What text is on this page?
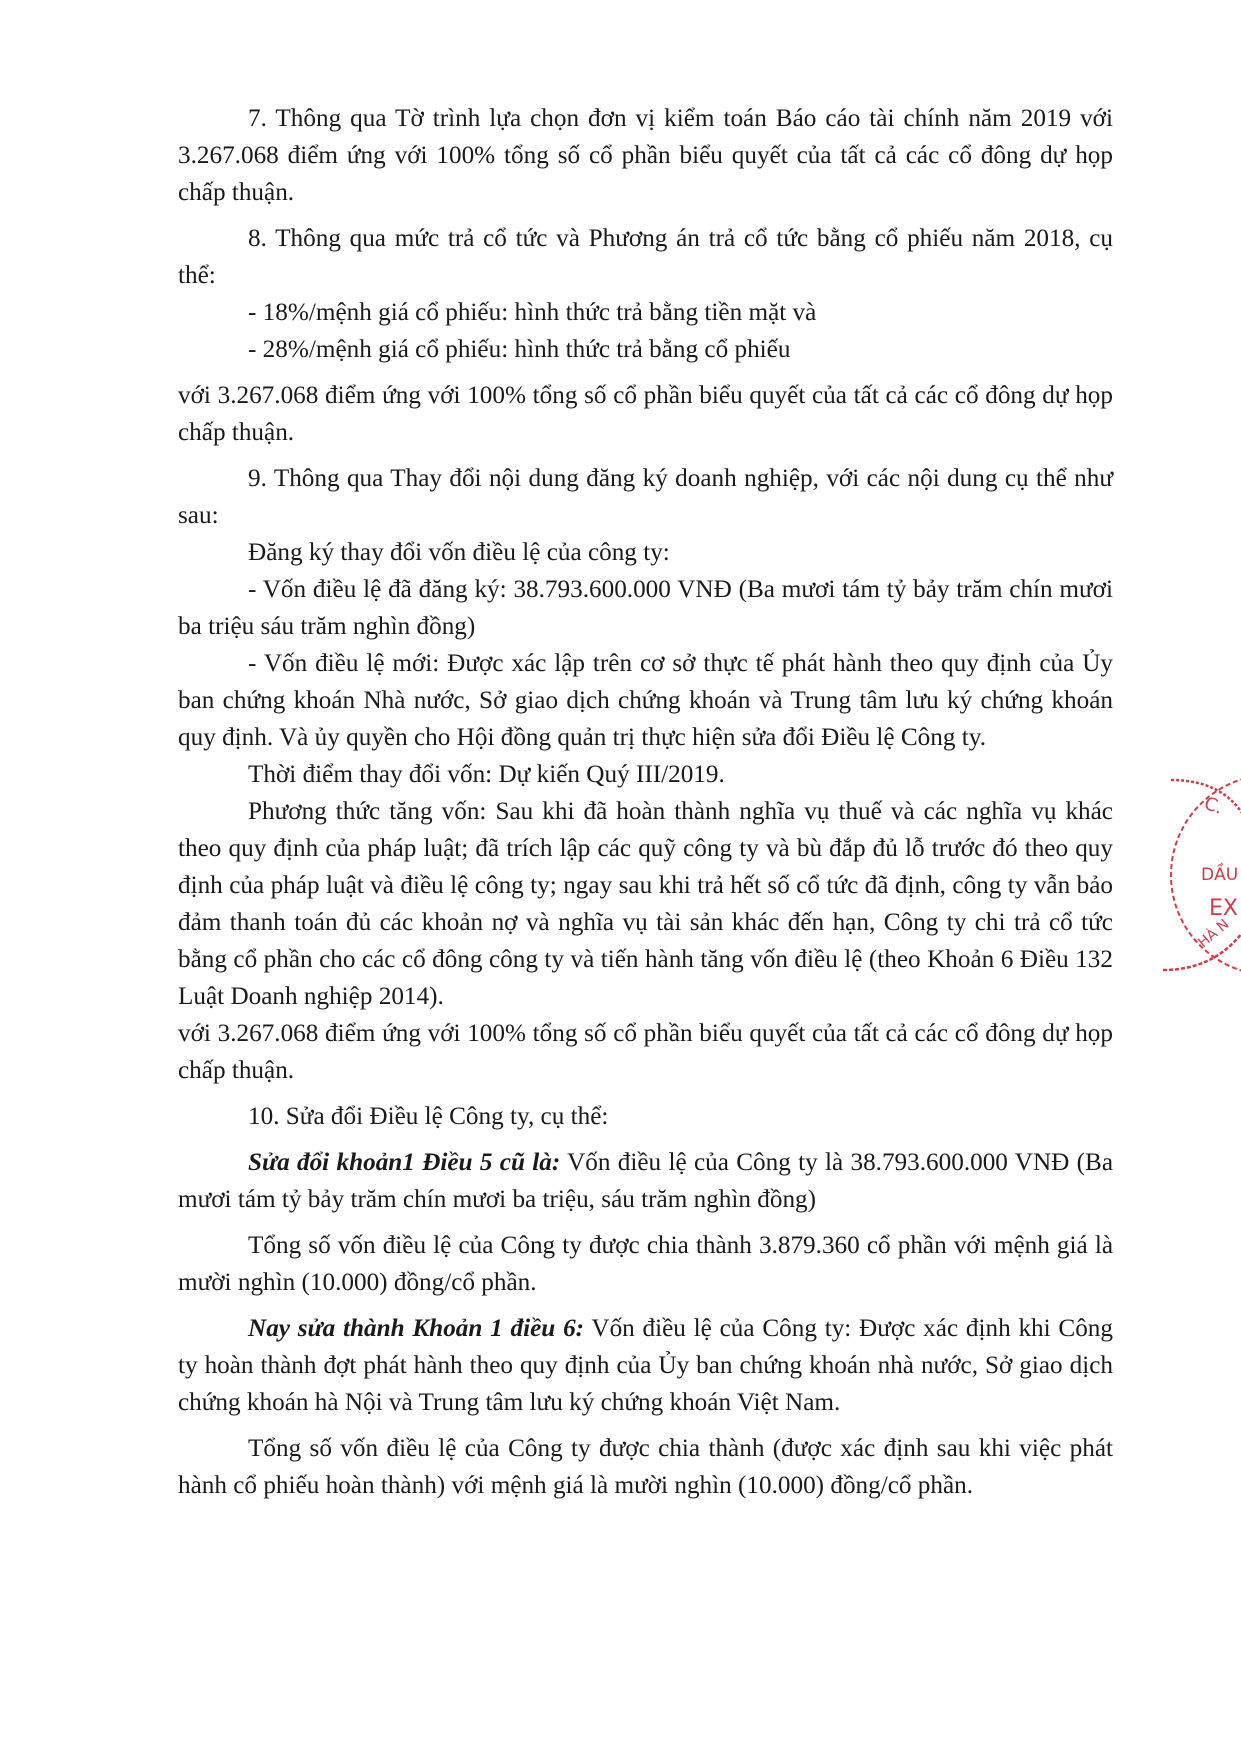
7. Thông qua Tờ trình lựa chọn đơn vị kiểm toán Báo cáo tài chính năm 2019 với 3.267.068 điểm ứng với 100% tổng số cổ phần biểu quyết của tất cả các cổ đông dự họp chấp thuận.

8. Thông qua mức trả cổ tức và Phương án trả cổ tức bằng cổ phiếu năm 2018, cụ thể:

- 18%/mệnh giá cổ phiếu: hình thức trả bằng tiền mặt và

- 28%/mệnh giá cổ phiếu: hình thức trả bằng cổ phiếu

với 3.267.068 điểm ứng với 100% tổng số cổ phần biểu quyết của tất cả các cổ đông dự họp chấp thuận.

9. Thông qua Thay đổi nội dung đăng ký doanh nghiệp, với các nội dung cụ thể như sau:

Đăng ký thay đổi vốn điều lệ của công ty:

- Vốn điều lệ đã đăng ký: 38.793.600.000 VNĐ (Ba mươi tám tỷ bảy trăm chín mươi ba triệu sáu trăm nghìn đồng)

- Vốn điều lệ mới: Được xác lập trên cơ sở thực tế phát hành theo quy định của Ủy ban chứng khoán Nhà nước, Sở giao dịch chứng khoán và Trung tâm lưu ký chứng khoán quy định. Và ủy quyền cho Hội đồng quản trị thực hiện sửa đổi Điều lệ Công ty.

Thời điểm thay đổi vốn: Dự kiến Quý III/2019.

Phương thức tăng vốn: Sau khi đã hoàn thành nghĩa vụ thuế và các nghĩa vụ khác theo quy định của pháp luật; đã trích lập các quỹ công ty và bù đắp đủ lỗ trước đó theo quy định của pháp luật và điều lệ công ty; ngay sau khi trả hết số cổ tức đã định, công ty vẫn bảo đảm thanh toán đủ các khoản nợ và nghĩa vụ tài sản khác đến hạn, Công ty chi trả cổ tức bằng cổ phần cho các cổ đông công ty và tiến hành tăng vốn điều lệ (theo Khoản 6 Điều 132 Luật Doanh nghiệp 2014).

với 3.267.068 điểm ứng với 100% tổng số cổ phần biểu quyết của tất cả các cổ đông dự họp chấp thuận.

10. Sửa đổi Điều lệ Công ty, cụ thể:

Sửa đổi khoản1 Điều 5 cũ là: Vốn điều lệ của Công ty là 38.793.600.000 VNĐ (Ba mươi tám tỷ bảy trăm chín mươi ba triệu, sáu trăm nghìn đồng)

Tổng số vốn điều lệ của Công ty được chia thành 3.879.360 cổ phần với mệnh giá là mười nghìn (10.000) đồng/cổ phần.

Nay sửa thành Khoản 1 điều 6: Vốn điều lệ của Công ty: Được xác định khi Công ty hoàn thành đợt phát hành theo quy định của Ủy ban chứng khoán nhà nước, Sở giao dịch chứng khoán hà Nội và Trung tâm lưu ký chứng khoán Việt Nam.

Tổng số vốn điều lệ của Công ty được chia thành (được xác định sau khi việc phát hành cổ phiếu hoàn thành) với mệnh giá là mười nghìn (10.000) đồng/cổ phần.

C.
DẦU
EX
HÀ N
